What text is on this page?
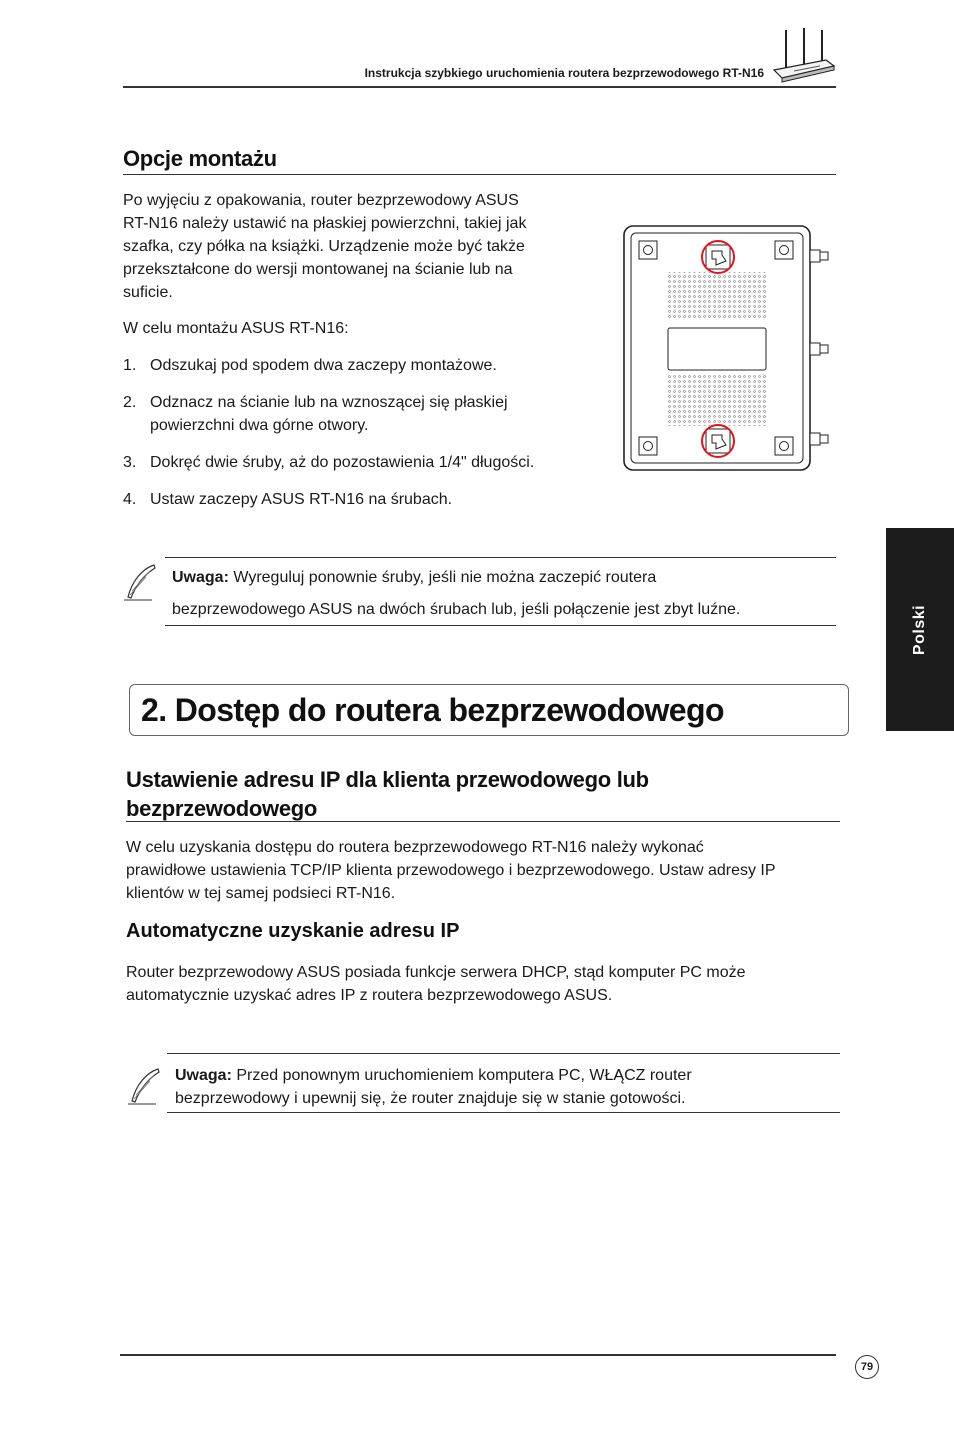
Instrukcja szybkiego uruchomienia routera bezprzewodowego RT-N16
Opcje montażu
Po wyjęciu z opakowania, router bezprzewodowy ASUS
RT-N16 należy ustawić na płaskiej powierzchni, takiej jak
szafka, czy półka na książki. Urządzenie może być także
przekształcone do wersji montowanej na ścianie lub na
suficie.
W celu montażu ASUS RT-N16:
1. Odszukaj pod spodem dwa zaczepy montażowe.
2. Odznacz na ścianie lub na wznoszącej się płaskiej
powierzchni dwa górne otwory.
3. Dokręć dwie śruby, aż do pozostawienia 1/4" długości.
4. Ustaw zaczepy ASUS RT-N16 na śrubach.
Uwaga: Wyreguluj ponownie śruby, jeśli nie można zaczepić routera
bezprzewodowego ASUS na dwóch śrubach lub, jeśli połączenie jest zbyt luźne.
2. Dostęp do routera bezprzewodowego
Ustawienie adresu IP dla klienta przewodowego lub
bezprzewodowego
W celu uzyskania dostępu do routera bezprzewodowego RT-N16 należy wykonać
prawidłowe ustawienia TCP/IP klienta przewodowego i bezprzewodowego. Ustaw adresy IP
klientów w tej samej podsieci RT-N16.
Automatyczne uzyskanie adresu IP
Router bezprzewodowy ASUS posiada funkcje serwera DHCP, stąd komputer PC może
automatycznie uzyskać adres IP z routera bezprzewodowego ASUS.
Uwaga: Przed ponownym uruchomieniem komputera PC, WŁĄCZ router
bezprzewodowy i upewnij się, że router znajduje się w stanie gotowości.
Polski
79
